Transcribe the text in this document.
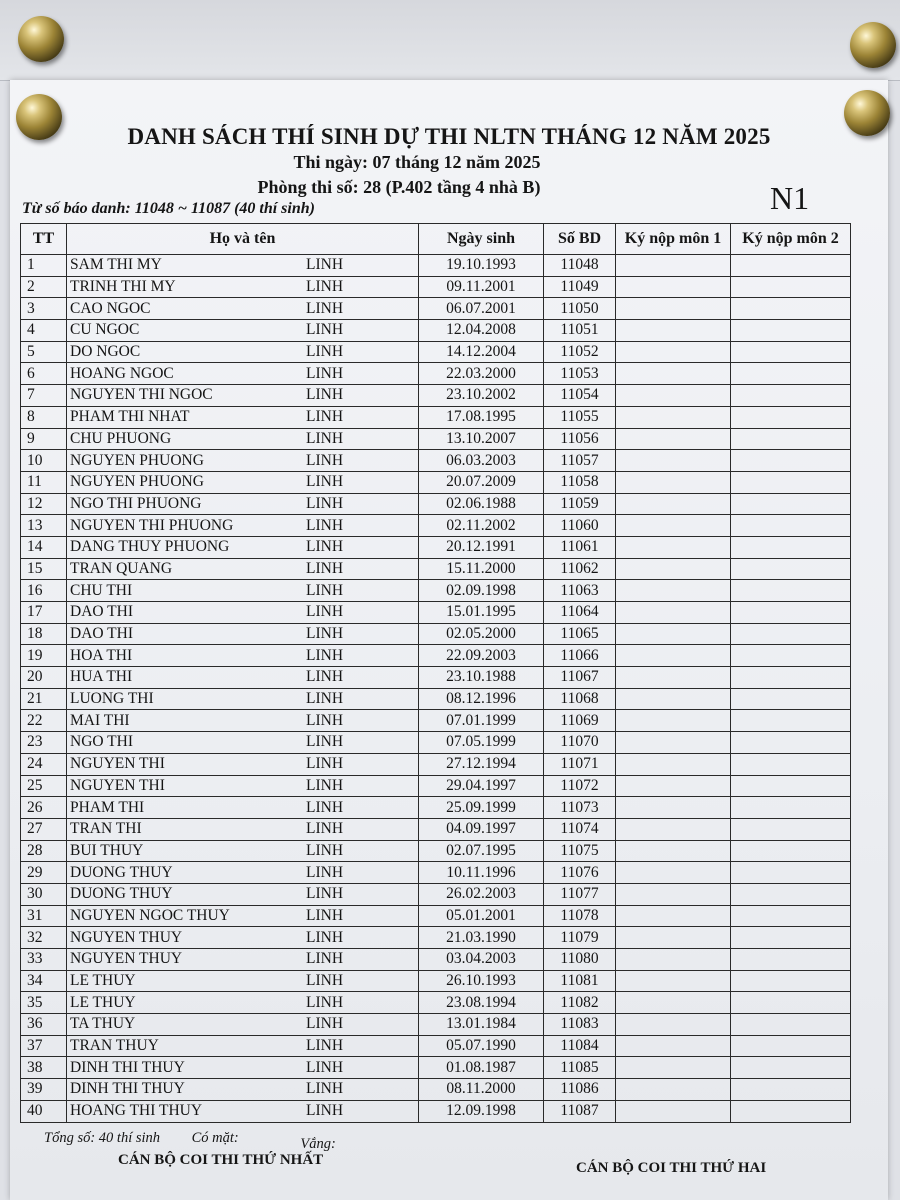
DANH SÁCH THÍ SINH DỰ THI NLTN THÁNG 12 NĂM 2025
Thi ngày: 07 tháng 12 năm 2025
Phòng thi số: 28 (P.402 tầng 4 nhà B)
Từ số báo danh: 11048 ~ 11087 (40 thí sinh)	N1
TT	Họ và tên	Ngày sinh	Số BD	Ký nộp môn 1	Ký nộp môn 2
1	SAM THI MY LINH	19.10.1993	11048		
2	TRINH THI MY LINH	09.11.2001	11049		
3	CAO NGOC LINH	06.07.2001	11050		
4	CU NGOC LINH	12.04.2008	11051		
5	DO NGOC LINH	14.12.2004	11052		
6	HOANG NGOC LINH	22.03.2000	11053		
7	NGUYEN THI NGOC LINH	23.10.2002	11054		
8	PHAM THI NHAT LINH	17.08.1995	11055		
9	CHU PHUONG LINH	13.10.2007	11056		
10	NGUYEN PHUONG LINH	06.03.2003	11057		
11	NGUYEN PHUONG LINH	20.07.2009	11058		
12	NGO THI PHUONG LINH	02.06.1988	11059		
13	NGUYEN THI PHUONG LINH	02.11.2002	11060		
14	DANG THUY PHUONG LINH	20.12.1991	11061		
15	TRAN QUANG LINH	15.11.2000	11062		
16	CHU THI LINH	02.09.1998	11063		
17	DAO THI LINH	15.01.1995	11064		
18	DAO THI LINH	02.05.2000	11065		
19	HOA THI LINH	22.09.2003	11066		
20	HUA THI LINH	23.10.1988	11067		
21	LUONG THI LINH	08.12.1996	11068		
22	MAI THI LINH	07.01.1999	11069		
23	NGO THI LINH	07.05.1999	11070		
24	NGUYEN THI LINH	27.12.1994	11071		
25	NGUYEN THI LINH	29.04.1997	11072		
26	PHAM THI LINH	25.09.1999	11073		
27	TRAN THI LINH	04.09.1997	11074		
28	BUI THUY LINH	02.07.1995	11075		
29	DUONG THUY LINH	10.11.1996	11076		
30	DUONG THUY LINH	26.02.2003	11077		
31	NGUYEN NGOC THUY LINH	05.01.2001	11078		
32	NGUYEN THUY LINH	21.03.1990	11079		
33	NGUYEN THUY LINH	03.04.2003	11080		
34	LE THUY LINH	26.10.1993	11081		
35	LE THUY LINH	23.08.1994	11082		
36	TA THUY LINH	13.01.1984	11083		
37	TRAN THUY LINH	05.07.1990	11084		
38	DINH THI THUY LINH	01.08.1987	11085		
39	DINH THI THUY LINH	08.11.2000	11086		
40	HOANG THI THUY LINH	12.09.1998	11087		
Tổng số: 40 thí sinh Có mặt:	Vắng:
CÁN BỘ COI THI THỨ NHẤT	CÁN BỘ COI THI THỨ HAI
